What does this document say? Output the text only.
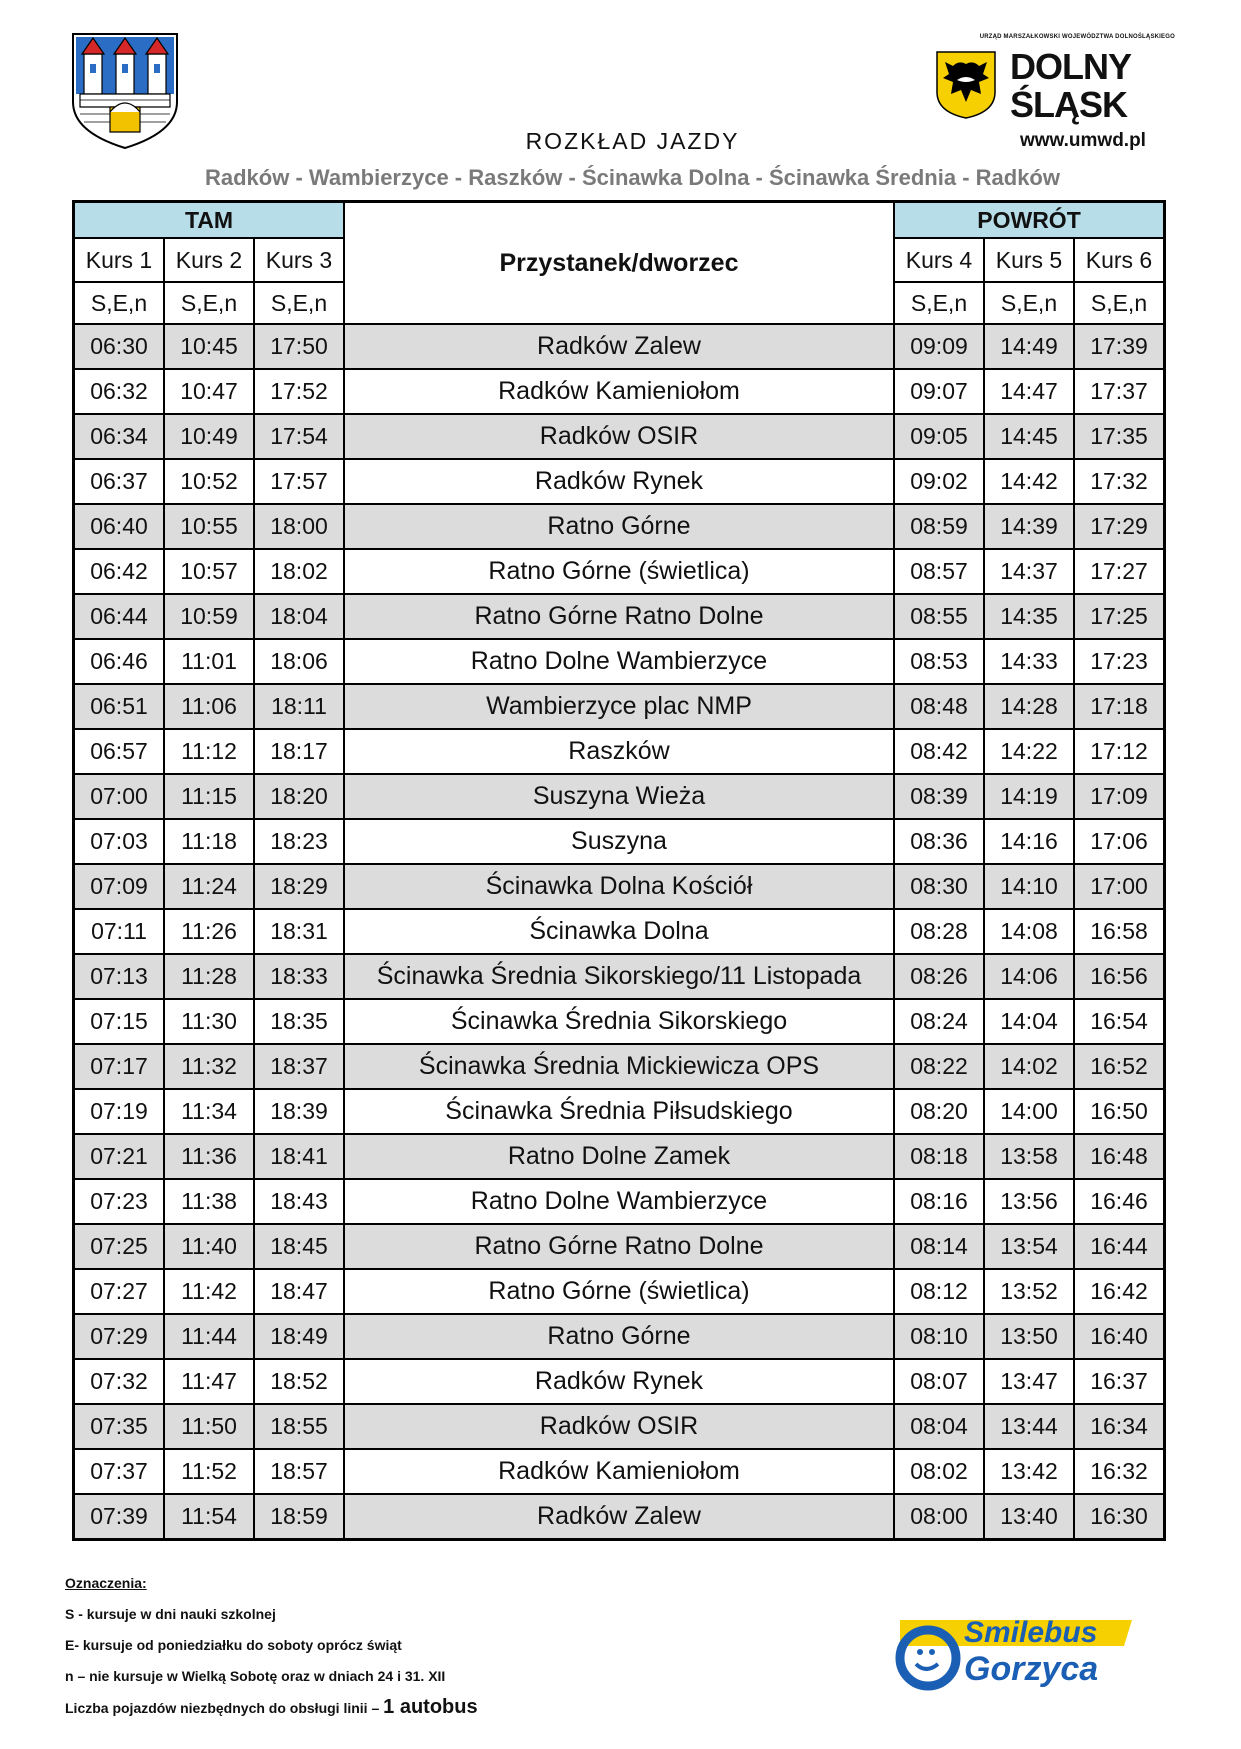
ROZKŁAD JAZDY
Radków - Wambierzyce - Raszków - Ścinawka Dolna - Ścinawka Średnia - Radków
URZĄD MARSZAŁKOWSKI WOJEWÓDZTWA DOLNOŚLĄSKIEGO
DOLNY
ŚLĄSK
www.umwd.pl
TAM			Przystanek/dworzec	POWRÓT		
Kurs 1	Kurs 2	Kurs 3		Kurs 4	Kurs 5	Kurs 6
S,E,n	S,E,n	S,E,n		S,E,n	S,E,n	S,E,n
06:30	10:45	17:50	Radków Zalew	09:09	14:49	17:39
06:32	10:47	17:52	Radków Kamieniołom	09:07	14:47	17:37
06:34	10:49	17:54	Radków OSIR	09:05	14:45	17:35
06:37	10:52	17:57	Radków Rynek	09:02	14:42	17:32
06:40	10:55	18:00	Ratno Górne	08:59	14:39	17:29
06:42	10:57	18:02	Ratno Górne (świetlica)	08:57	14:37	17:27
06:44	10:59	18:04	Ratno Górne Ratno Dolne	08:55	14:35	17:25
06:46	11:01	18:06	Ratno Dolne Wambierzyce	08:53	14:33	17:23
06:51	11:06	18:11	Wambierzyce plac NMP	08:48	14:28	17:18
06:57	11:12	18:17	Raszków	08:42	14:22	17:12
07:00	11:15	18:20	Suszyna Wieża	08:39	14:19	17:09
07:03	11:18	18:23	Suszyna	08:36	14:16	17:06
07:09	11:24	18:29	Ścinawka Dolna Kościół	08:30	14:10	17:00
07:11	11:26	18:31	Ścinawka Dolna	08:28	14:08	16:58
07:13	11:28	18:33	Ścinawka Średnia Sikorskiego/11 Listopada	08:26	14:06	16:56
07:15	11:30	18:35	Ścinawka Średnia Sikorskiego	08:24	14:04	16:54
07:17	11:32	18:37	Ścinawka Średnia Mickiewicza OPS	08:22	14:02	16:52
07:19	11:34	18:39	Ścinawka Średnia Piłsudskiego	08:20	14:00	16:50
07:21	11:36	18:41	Ratno Dolne Zamek	08:18	13:58	16:48
07:23	11:38	18:43	Ratno Dolne Wambierzyce	08:16	13:56	16:46
07:25	11:40	18:45	Ratno Górne Ratno Dolne	08:14	13:54	16:44
07:27	11:42	18:47	Ratno Górne (świetlica)	08:12	13:52	16:42
07:29	11:44	18:49	Ratno Górne	08:10	13:50	16:40
07:32	11:47	18:52	Radków Rynek	08:07	13:47	16:37
07:35	11:50	18:55	Radków OSIR	08:04	13:44	16:34
07:37	11:52	18:57	Radków Kamieniołom	08:02	13:42	16:32
07:39	11:54	18:59	Radków Zalew	08:00	13:40	16:30
Oznaczenia:
S - kursuje w dni nauki szkolnej
E- kursuje od poniedziałku do soboty oprócz świąt
n – nie kursuje w Wielką Sobotę oraz w dniach 24 i 31. XII
Liczba pojazdów niezbędnych do obsługi linii – 1 autobus
Smilebus
Gorzyca
